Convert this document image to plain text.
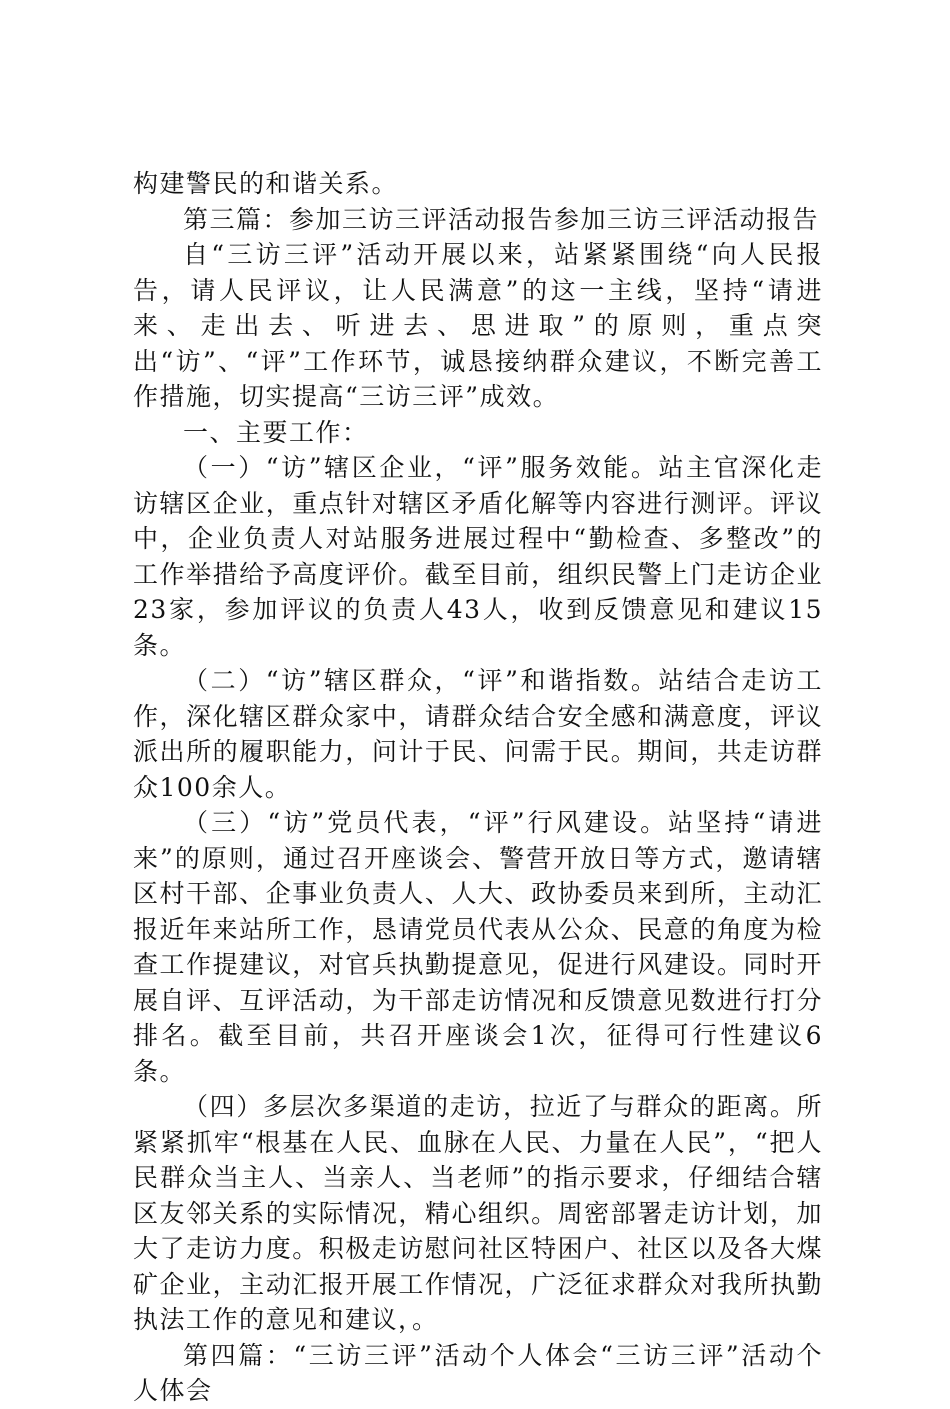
构建警民的和谐关系。

第三篇：参加三访三评活动报告参加三访三评活动报告

自“三访三评”活动开展以来，站紧紧围绕“向人民报告，请人民评议，让人民满意”的这一主线，坚持“请进来、走出去、听进去、思进取”的原则，重点突出“访”、“评”工作环节，诚恳接纳群众建议，不断完善工作措施，切实提高“三访三评”成效。

一、主要工作：

（一）“访”辖区企业，“评”服务效能。站主官深化走访辖区企业，重点针对辖区矛盾化解等内容进行测评。评议中，企业负责人对站服务进展过程中“勤检查、多整改”的工作举措给予高度评价。截至目前，组织民警上门走访企业23家，参加评议的负责人43人，收到反馈意见和建议15条。

（二）“访”辖区群众，“评”和谐指数。站结合走访工作，深化辖区群众家中，请群众结合安全感和满意度，评议派出所的履职能力，问计于民、问需于民。期间，共走访群众100余人。

（三）“访”党员代表，“评”行风建设。站坚持“请进来”的原则，通过召开座谈会、警营开放日等方式，邀请辖区村干部、企事业负责人、人大、政协委员来到所，主动汇报近年来站所工作，恳请党员代表从公众、民意的角度为检查工作提建议，对官兵执勤提意见，促进行风建设。同时开展自评、互评活动，为干部走访情况和反馈意见数进行打分排名。截至目前，共召开座谈会1次，征得可行性建议6条。

（四）多层次多渠道的走访，拉近了与群众的距离。所紧紧抓牢“根基在人民、血脉在人民、力量在人民”，“把人民群众当主人、当亲人、当老师”的指示要求，仔细结合辖区友邻关系的实际情况，精心组织。周密部署走访计划，加大了走访力度。积极走访慰问社区特困户、社区以及各大煤矿企业，主动汇报开展工作情况，广泛征求群众对我所执勤执法工作的意见和建议，。

第四篇：“三访三评”活动个人体会“三访三评”活动个人体会
